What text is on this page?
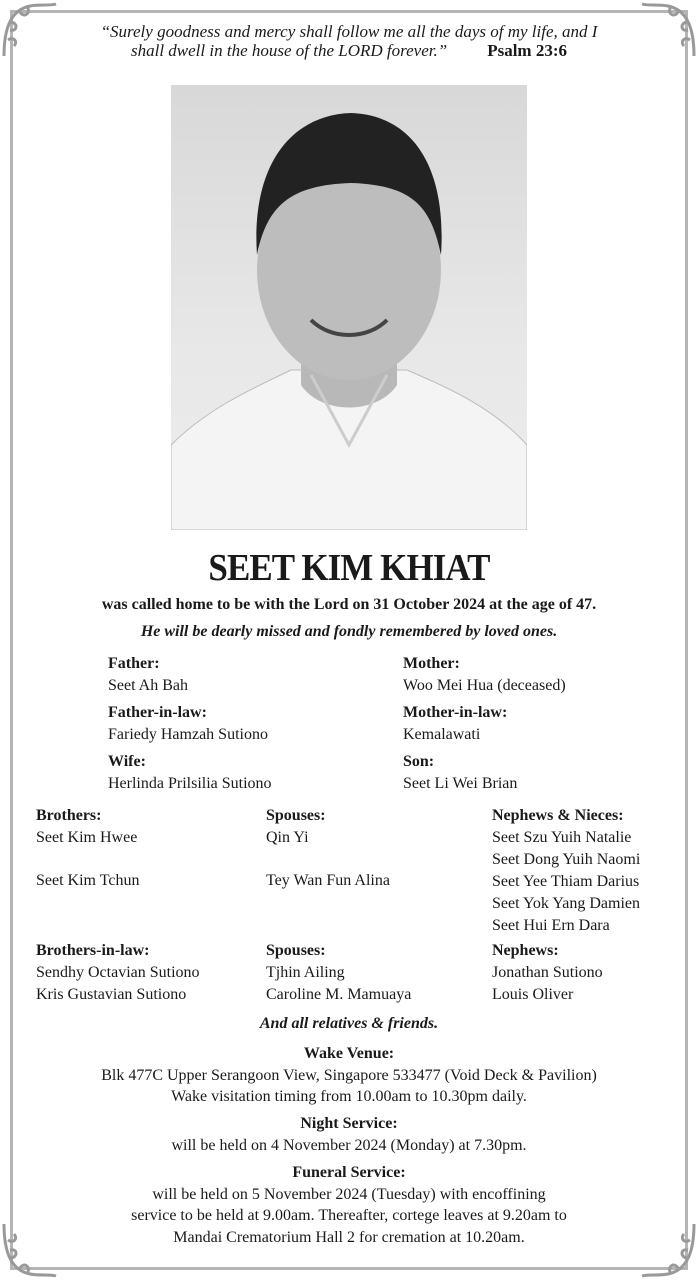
“Surely goodness and mercy shall follow me all the days of my life, and I
shall dwell in the house of the LORD forever.” Psalm 23:6
SEET KIM KHIAT
was called home to be with the Lord on 31 October 2024 at the age of 47.
He will be dearly missed and fondly remembered by loved ones.
Father:
Seet Ah Bah
Mother:
Woo Mei Hua (deceased)
Father-in-law:
Fariedy Hamzah Sutiono
Mother-in-law:
Kemalawati
Wife:
Herlinda Prilsilia Sutiono
Son:
Seet Li Wei Brian
Brothers:
Seet Kim Hwee
Seet Kim Tchun
Spouses:
Qin Yi
Tey Wan Fun Alina
Nephews & Nieces:
Seet Szu Yuih Natalie
Seet Dong Yuih Naomi
Seet Yee Thiam Darius
Seet Yok Yang Damien
Seet Hui Ern Dara
Brothers-in-law:
Sendhy Octavian Sutiono
Kris Gustavian Sutiono
Spouses:
Tjhin Ailing
Caroline M. Mamuaya
Nephews:
Jonathan Sutiono
Louis Oliver
And all relatives & friends.
Wake Venue:
Blk 477C Upper Serangoon View, Singapore 533477 (Void Deck & Pavilion)
Wake visitation timing from 10.00am to 10.30pm daily.
Night Service:
will be held on 4 November 2024 (Monday) at 7.30pm.
Funeral Service:
will be held on 5 November 2024 (Tuesday) with encoffining
service to be held at 9.00am. Thereafter, cortege leaves at 9.20am to
Mandai Crematorium Hall 2 for cremation at 10.20am.
